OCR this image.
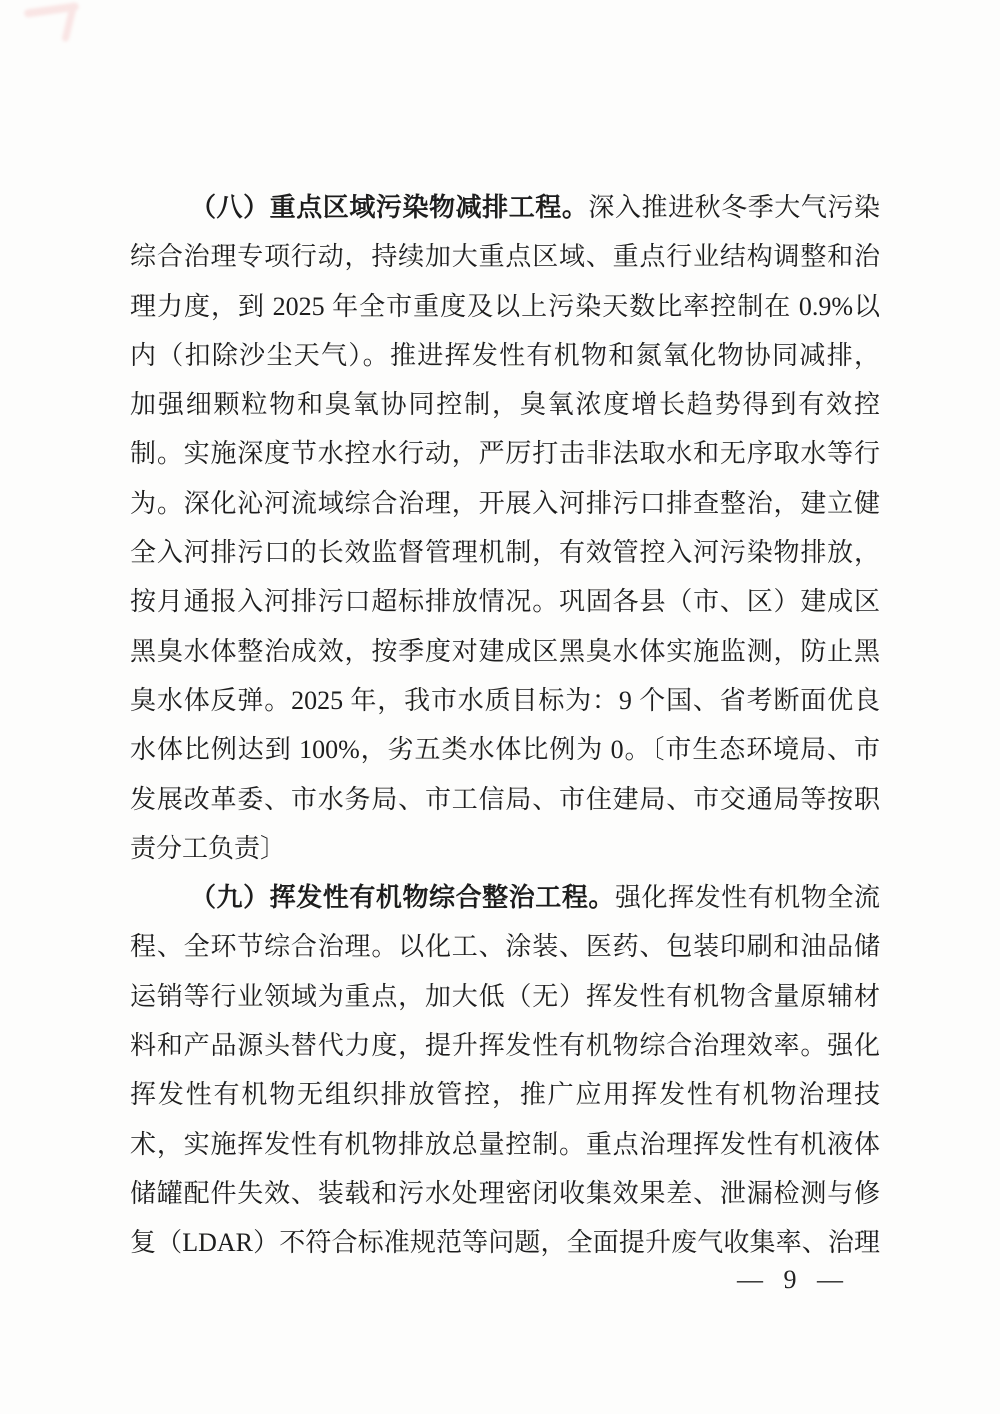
（八）重点区域污染物减排工程。深入推进秋冬季大气污染
综合治理专项行动，持续加大重点区域、重点行业结构调整和治
理力度，到 2025 年全市重度及以上污染天数比率控制在 0.9%以
内（扣除沙尘天气）。推进挥发性有机物和氮氧化物协同减排，
加强细颗粒物和臭氧协同控制，臭氧浓度增长趋势得到有效控
制。实施深度节水控水行动，严厉打击非法取水和无序取水等行
为。深化沁河流域综合治理，开展入河排污口排查整治，建立健
全入河排污口的长效监督管理机制，有效管控入河污染物排放，
按月通报入河排污口超标排放情况。巩固各县（市、区）建成区
黑臭水体整治成效，按季度对建成区黑臭水体实施监测，防止黑
臭水体反弹。2025 年，我市水质目标为：9 个国、省考断面优良
水体比例达到 100%，劣五类水体比例为 0。〔市生态环境局、市
发展改革委、市水务局、市工信局、市住建局、市交通局等按职
责分工负责〕
（九）挥发性有机物综合整治工程。强化挥发性有机物全流
程、全环节综合治理。以化工、涂装、医药、包装印刷和油品储
运销等行业领域为重点，加大低（无）挥发性有机物含量原辅材
料和产品源头替代力度，提升挥发性有机物综合治理效率。强化
挥发性有机物无组织排放管控，推广应用挥发性有机物治理技
术，实施挥发性有机物排放总量控制。重点治理挥发性有机液体
储罐配件失效、装载和污水处理密闭收集效果差、泄漏检测与修
复（LDAR）不符合标准规范等问题，全面提升废气收集率、治理
— 9 —
